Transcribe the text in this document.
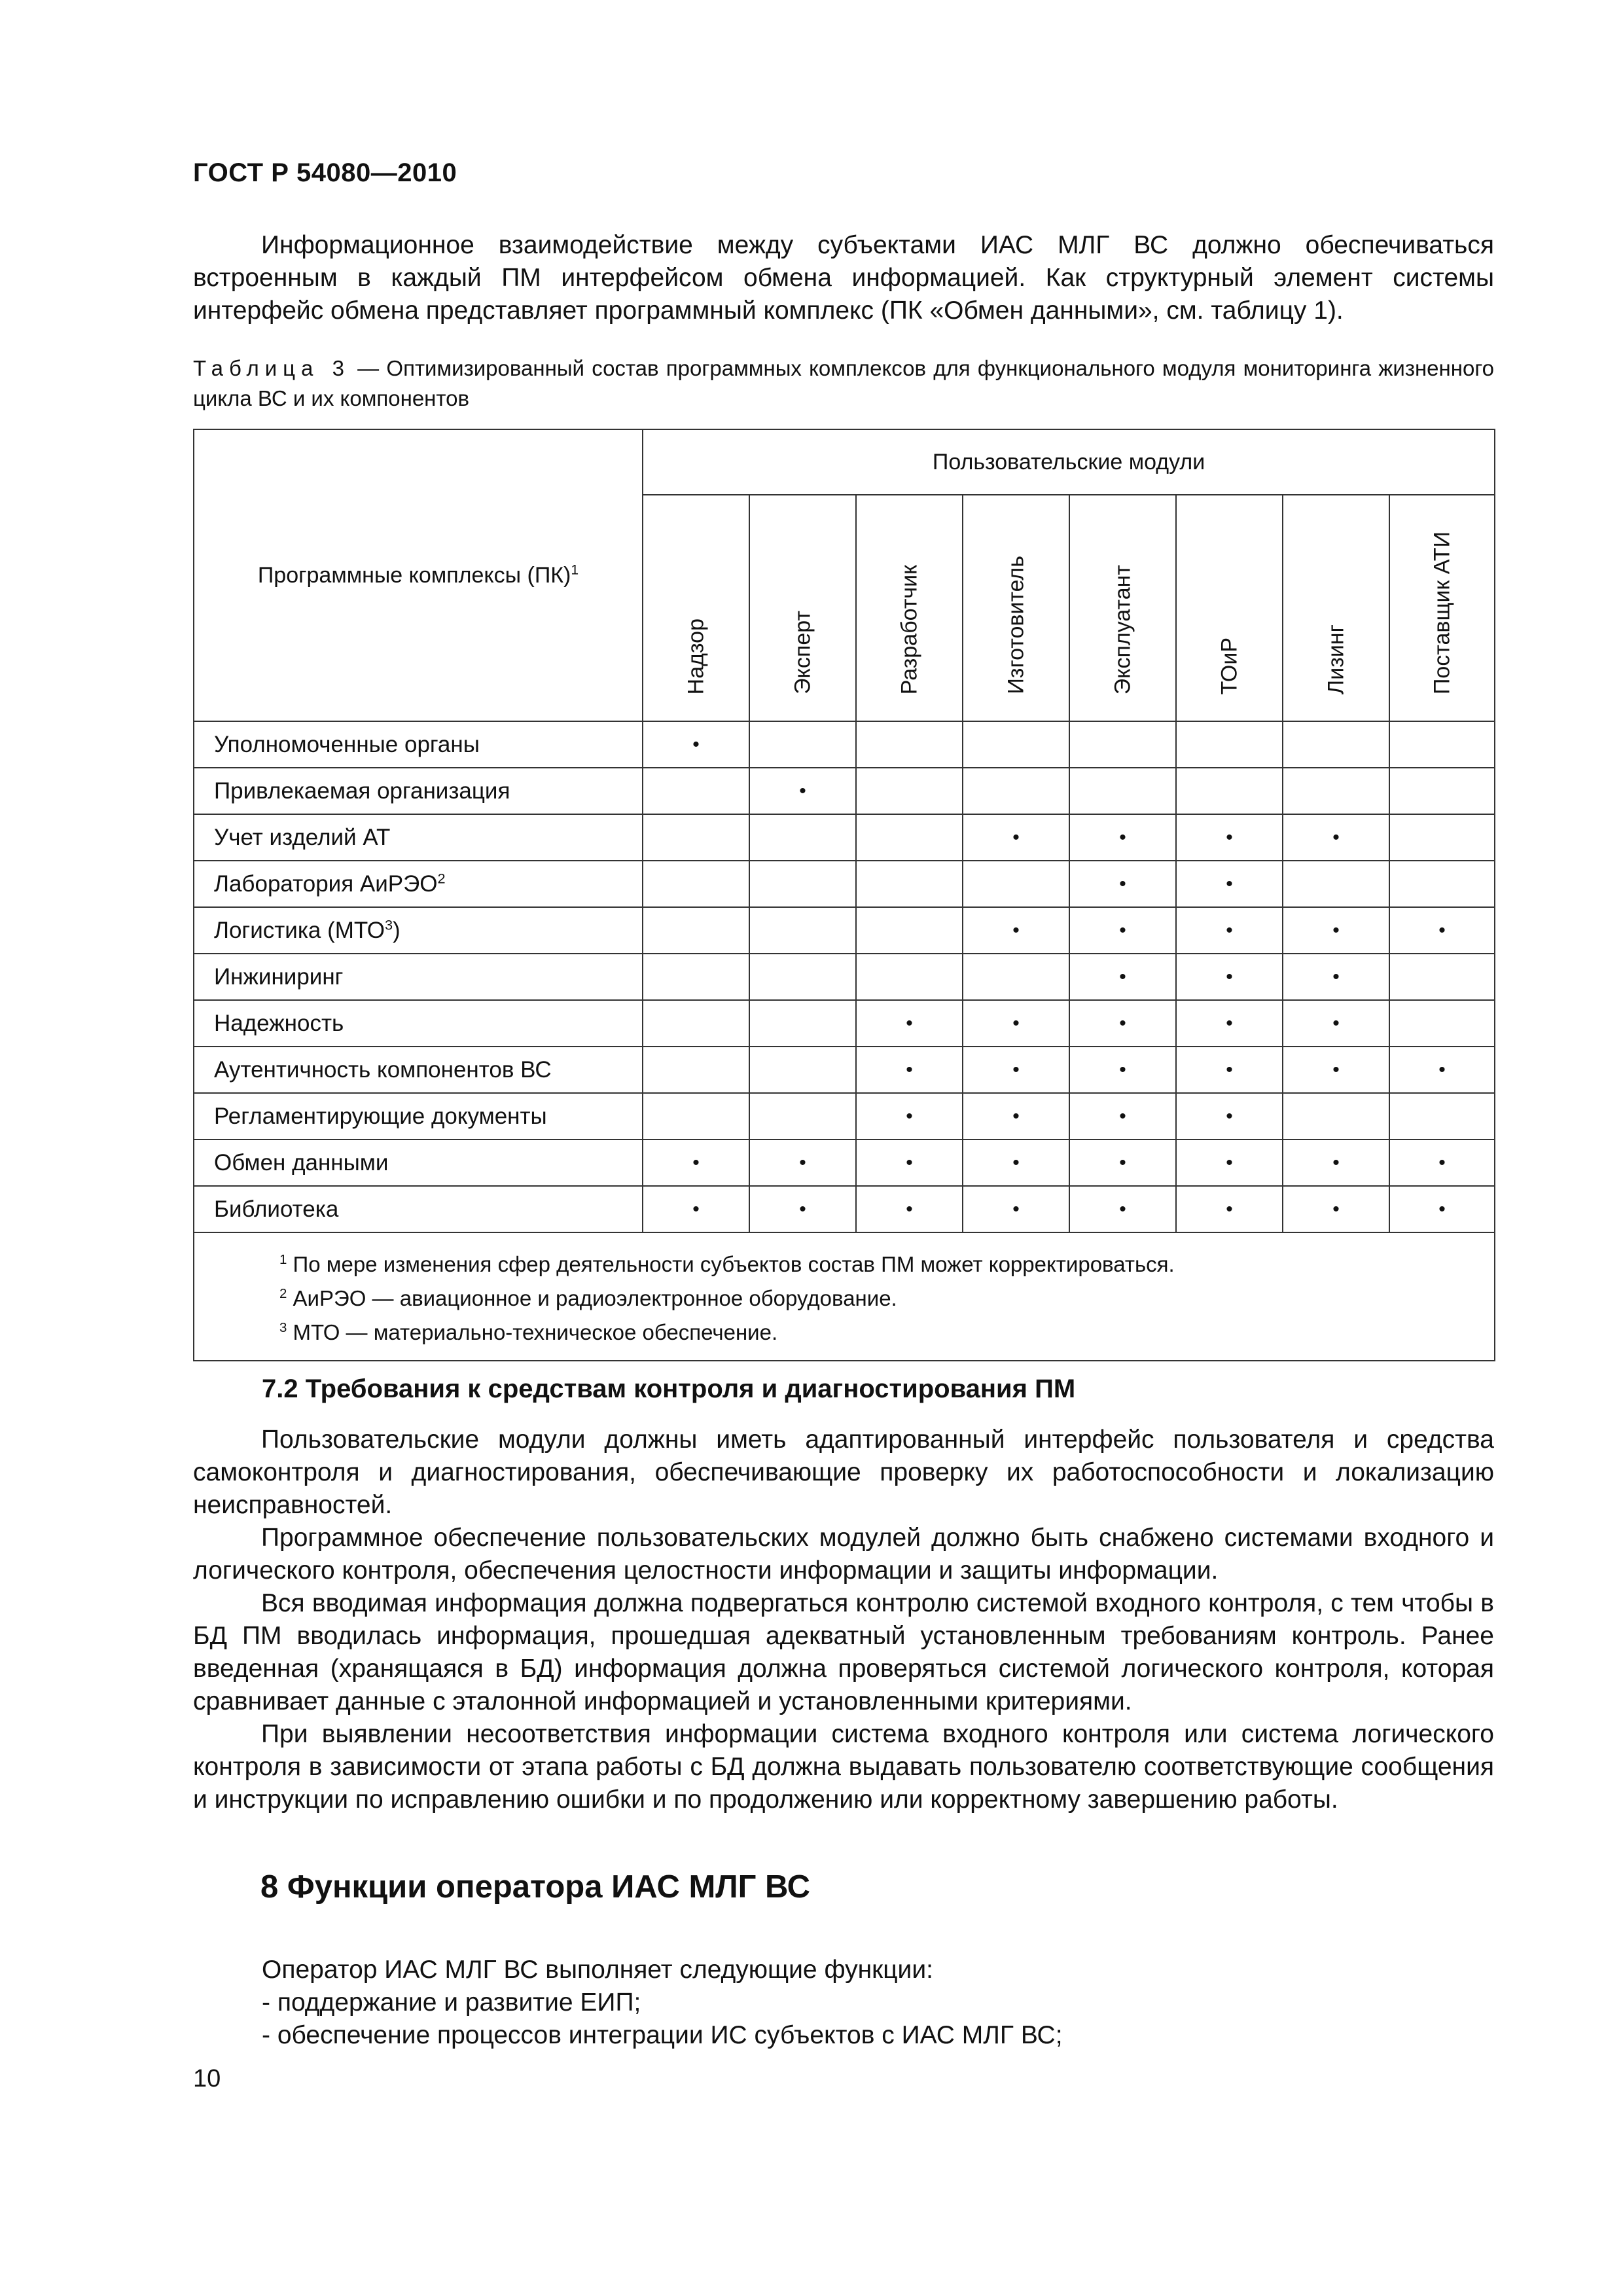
ГОСТ Р 54080—2010
Информационное взаимодействие между субъектами ИАС МЛГ ВС должно обеспечиваться встроенным в каждый ПМ интерфейсом обмена информацией. Как структурный элемент системы интерфейс обмена представляет программный комплекс (ПК «Обмен данными», см. таблицу 1).
Таблица 3 — Оптимизированный состав программных комплексов для функционального модуля мониторинга жизненного цикла ВС и их компонентов
Программные комплексы (ПК)$^1$	Пользовательские модули							

	Надзор	Эксперт	Разработчик	Изготовитель	Эксплуатант	ТОиР	Лизинг	Поставщик АТИ

Уполномоченные органы	•							
Привлекаемая организация		•						
Учет изделий АТ				•	•	•	•	
Лаборатория АиРЭО$^2$					•	•		
Логистика (МТО$^3$)				•	•	•	•	•
Инжиниринг					•	•	•	
Надежность			•	•	•	•	•	
Аутентичность компонентов ВС			•	•	•	•	•	•
Регламентирующие документы			•	•	•	•		
Обмен данными	•	•	•	•	•	•	•	•
Библиотека	•	•	•	•	•	•	•	•

$^1$ По мере изменения сфер деятельности субъектов состав ПМ может корректироваться.
$^2$ АиРЭО — авиационное и радиоэлектронное оборудование.
$^3$ МТО — материально-техническое обеспечение.								
7.2 Требования к средствам контроля и диагностирования ПМ
Пользовательские модули должны иметь адаптированный интерфейс пользователя и средства самоконтроля и диагностирования, обеспечивающие проверку их работоспособности и локализацию неисправностей.
Программное обеспечение пользовательских модулей должно быть снабжено системами входного и логического контроля, обеспечения целостности информации и защиты информации.
Вся вводимая информация должна подвергаться контролю системой входного контроля, с тем чтобы в БД ПМ вводилась информация, прошедшая адекватный установленным требованиям контроль. Ранее введенная (хранящаяся в БД) информация должна проверяться системой логического контроля, которая сравнивает данные с эталонной информацией и установленными критериями.
При выявлении несоответствия информации система входного контроля или система логического контроля в зависимости от этапа работы с БД должна выдавать пользователю соответствующие сообщения и инструкции по исправлению ошибки и по продолжению или корректному завершению работы.
8 Функции оператора ИАС МЛГ ВС
Оператор ИАС МЛГ ВС выполняет следующие функции:
- поддержание и развитие ЕИП;
- обеспечение процессов интеграции ИС субъектов с ИАС МЛГ ВС;
10
